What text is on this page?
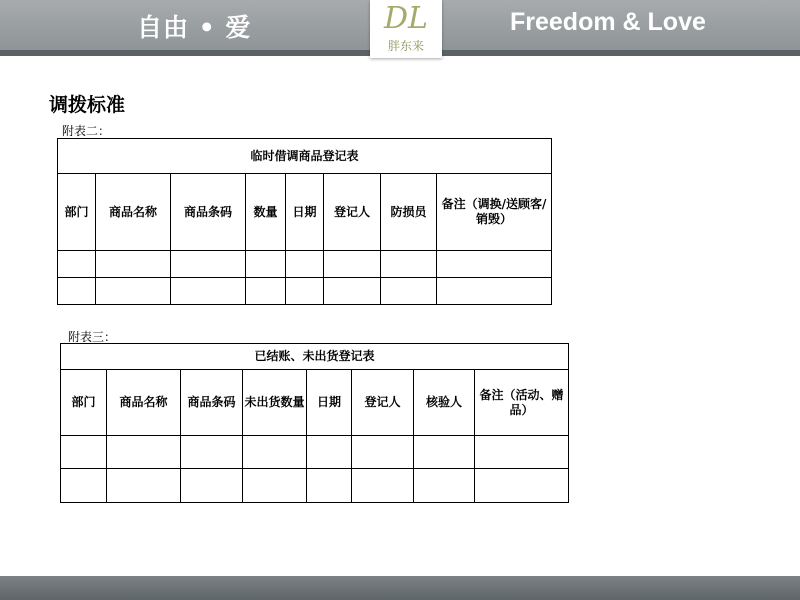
自由 • 爱	Freedom & Love
DL
胖东来
调拨标准
附表二：
临时借调商品登记表							
部门	商品名称	商品条码	数量	日期	登记人	防损员	备注（调换/送顾客/销毁）

附表三：
已结账、未出货登记表							
部门	商品名称	商品条码	未出货数量	日期	登记人	核验人	备注（活动、赠品）
